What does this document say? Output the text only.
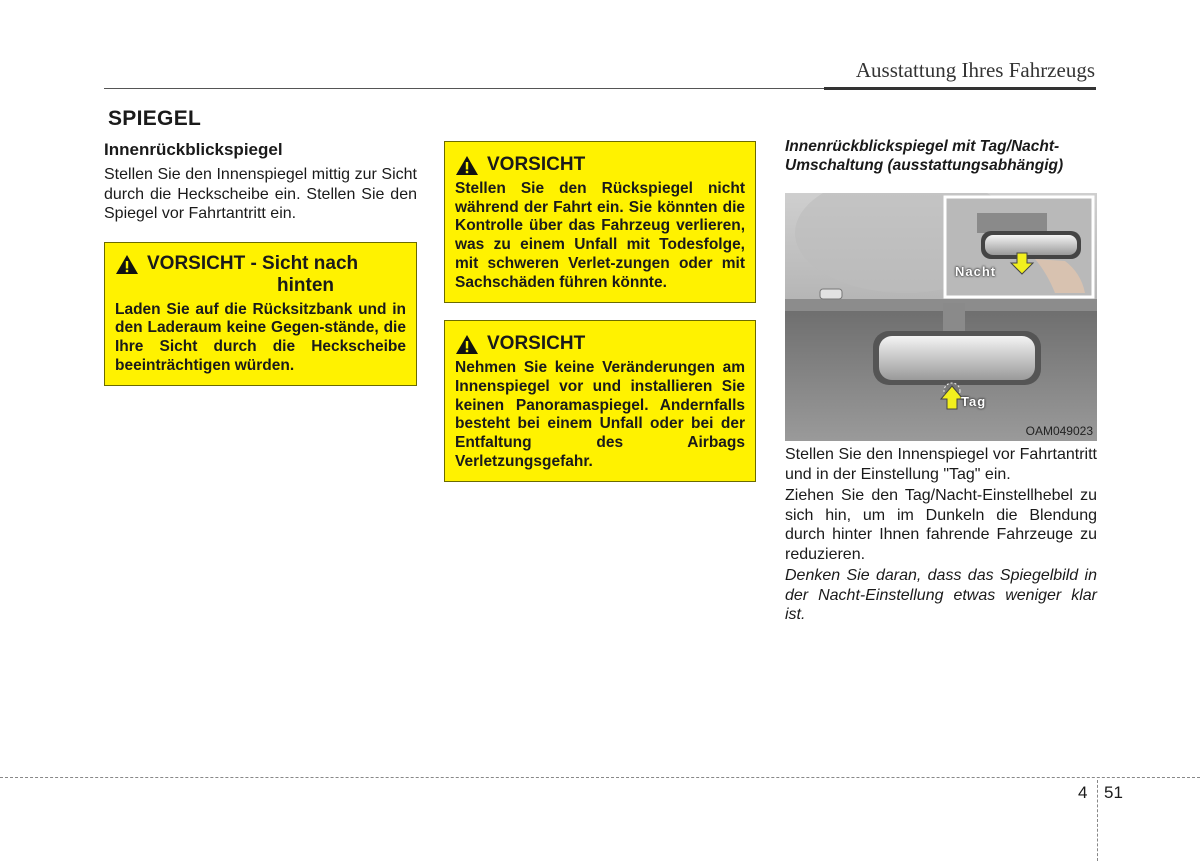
Ausstattung Ihres Fahrzeugs
SPIEGEL
Innenrückblickspiegel

Stellen Sie den Innenspiegel mittig zur Sicht durch die Heckscheibe ein. Stellen Sie den Spiegel vor Fahrtantritt ein.

VORSICHT - Sicht nach
hinten
Laden Sie auf die Rücksitzbank und in den Laderaum keine Gegen-stände, die Ihre Sicht durch die Heckscheibe beeinträchtigen würden.
VORSICHT
Stellen Sie den Rückspiegel nicht während der Fahrt ein. Sie könnten die Kontrolle über das Fahrzeug verlieren, was zu einem Unfall mit Todesfolge, mit schweren Verlet-zungen oder mit Sachschäden führen könnte.
VORSICHT
Nehmen Sie keine Veränderungen am Innenspiegel vor und installieren Sie keinen Panoramaspiegel. Andernfalls besteht bei einem Unfall oder bei der Entfaltung des Airbags Verletzungsgefahr.
Innenrückblickspiegel mit Tag/Nacht-Umschaltung (ausstattungsabhängig)
Nacht
Tag
OAM049023

Stellen Sie den Innenspiegel vor Fahrtantritt und in der Einstellung "Tag" ein.

Ziehen Sie den Tag/Nacht-Einstellhebel zu sich hin, um im Dunkeln die Blendung durch hinter Ihnen fahrende Fahrzeuge zu reduzieren.

Denken Sie daran, dass das Spiegelbild in der Nacht-Einstellung etwas weniger klar ist.

4 51
